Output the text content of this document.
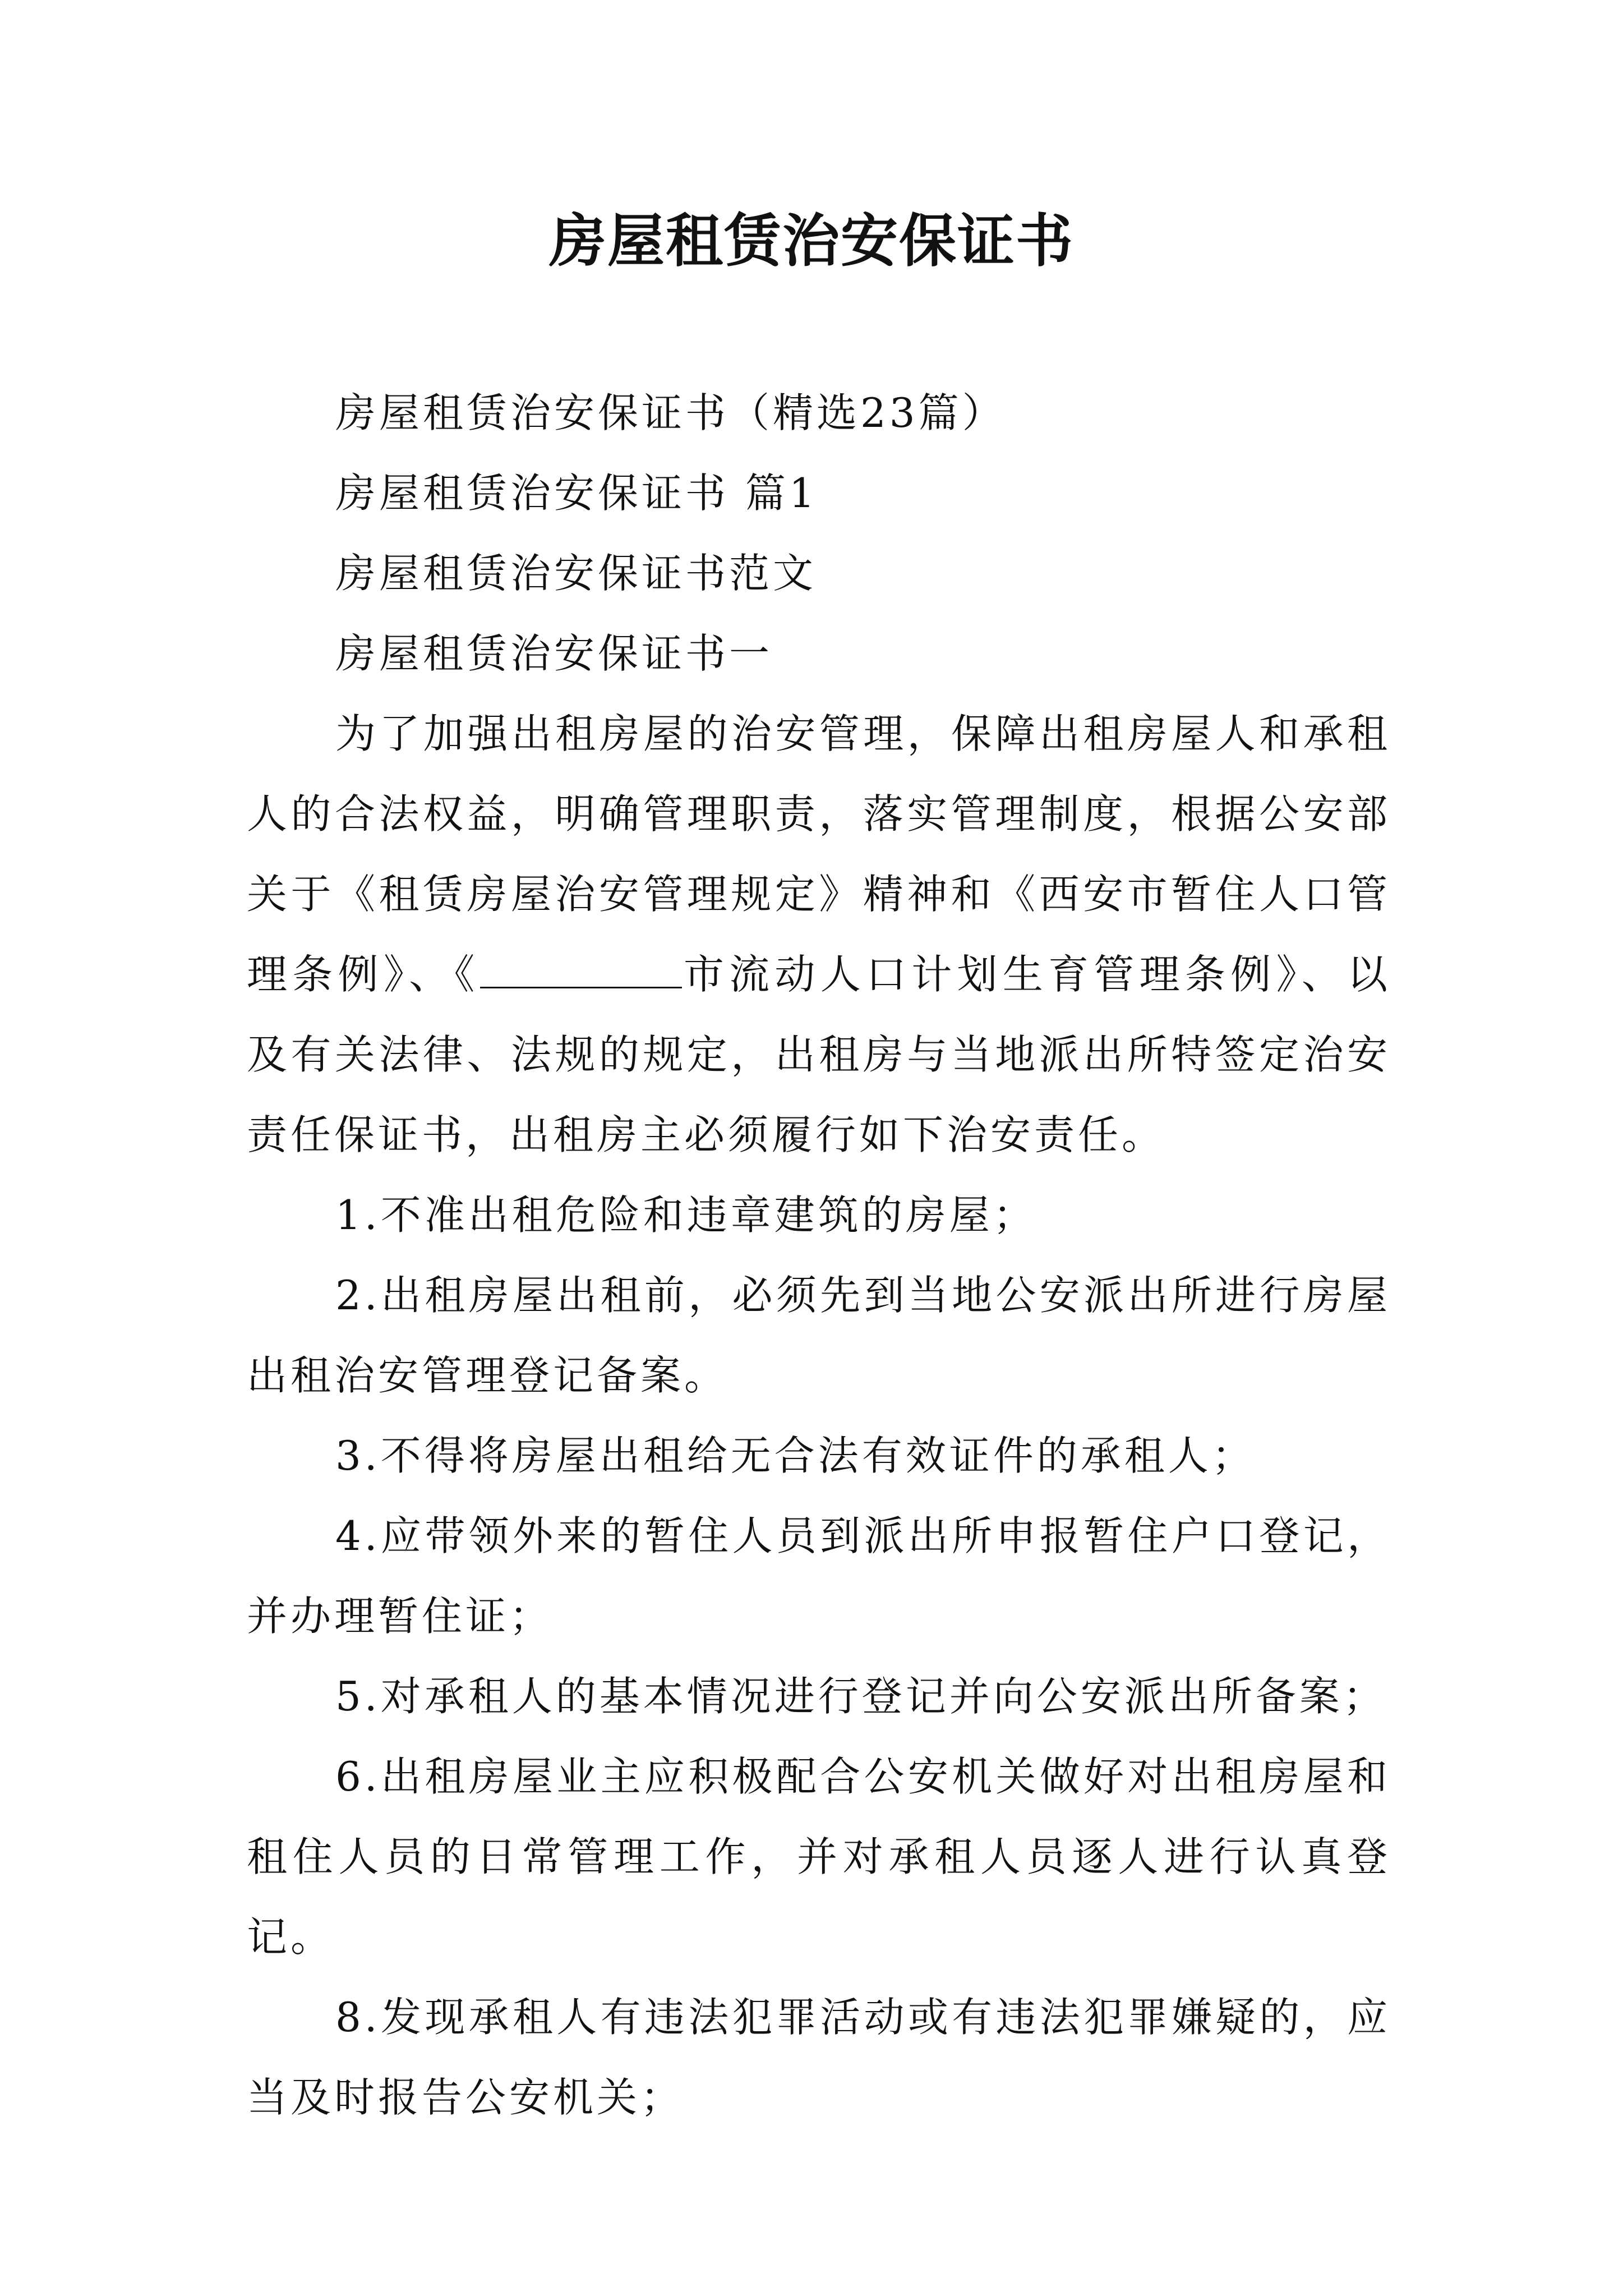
房屋租赁治安保证书

房屋租赁治安保证书（精选23篇）

房屋租赁治安保证书 篇1

房屋租赁治安保证书范文

房屋租赁治安保证书一

为了加强出租房屋的治安管理，保障出租房屋人和承租人的合法权益，明确管理职责，落实管理制度，根据公安部关于《租赁房屋治安管理规定》精神和《西安市暂住人口管理条例》、《	市流动人口计划生育管理条例》、以及有关法律、法规的规定，出租房与当地派出所特签定治安责任保证书，出租房主必须履行如下治安责任。

1.不准出租危险和违章建筑的房屋；

2.出租房屋出租前，必须先到当地公安派出所进行房屋出租治安管理登记备案。

3.不得将房屋出租给无合法有效证件的承租人；

4.应带领外来的暂住人员到派出所申报暂住户口登记，并办理暂住证；

5.对承租人的基本情况进行登记并向公安派出所备案；

6.出租房屋业主应积极配合公安机关做好对出租房屋和租住人员的日常管理工作，并对承租人员逐人进行认真登记。

8.发现承租人有违法犯罪活动或有违法犯罪嫌疑的，应当及时报告公安机关；
